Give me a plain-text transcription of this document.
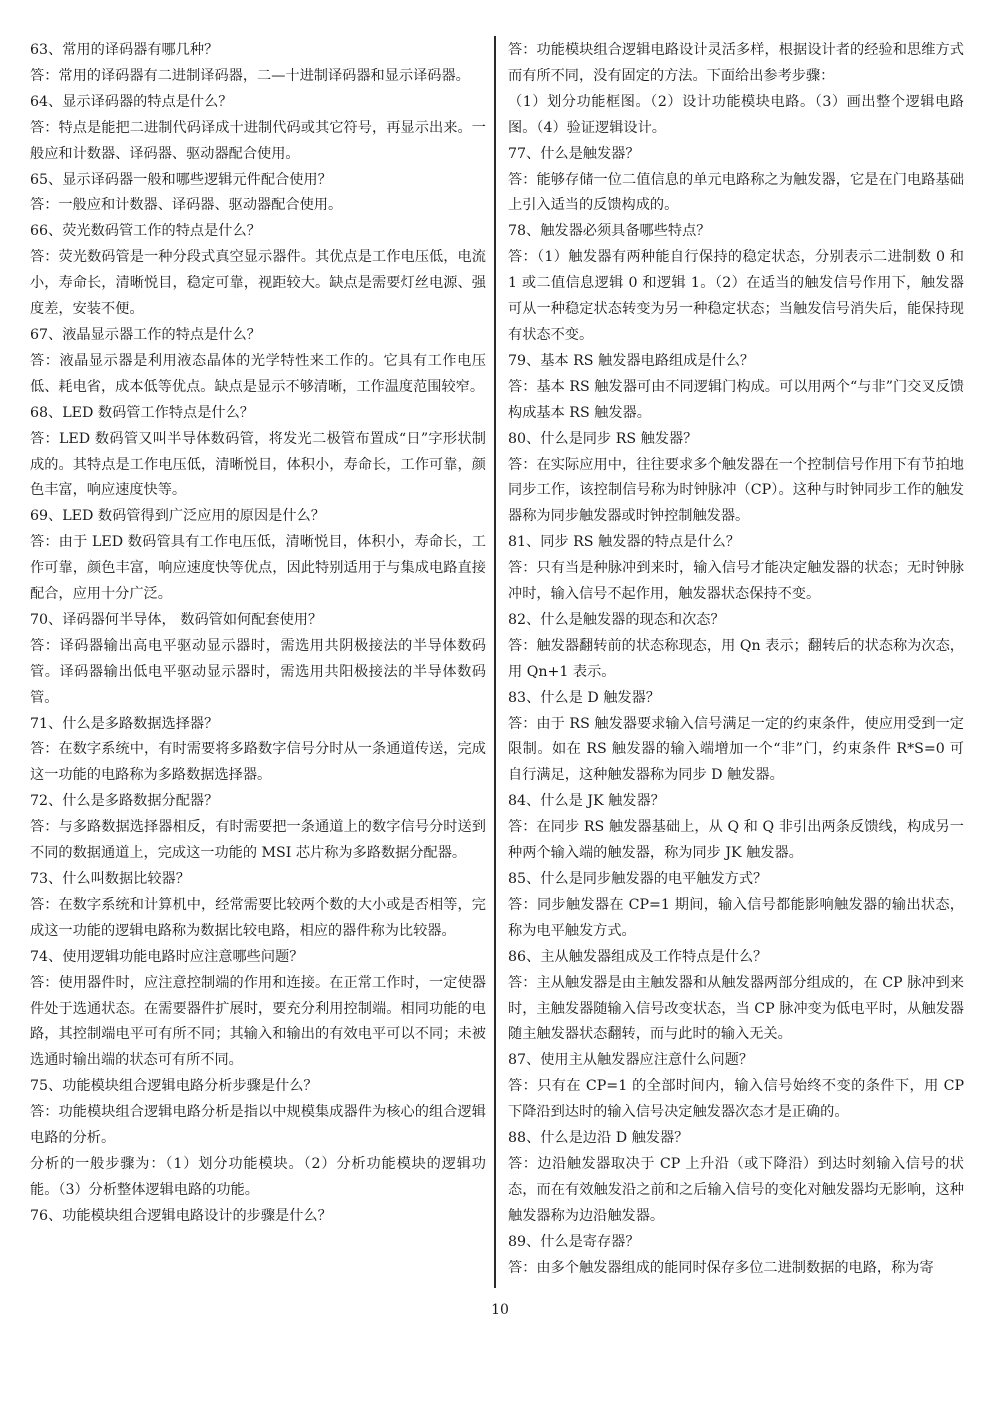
63、常用的译码器有哪几种？

答：常用的译码器有二进制译码器，二—十进制译码器和显示译码器。

64、显示译码器的特点是什么？

答：特点是能把二进制代码译成十进制代码或其它符号，再显示出来。一般应和计数器、译码器、驱动器配合使用。

65、显示译码器一般和哪些逻辑元件配合使用？

答：一般应和计数器、译码器、驱动器配合使用。

66、荧光数码管工作的特点是什么？

答：荧光数码管是一种分段式真空显示器件。其优点是工作电压低，电流小，寿命长，清晰悦目，稳定可靠，视距较大。缺点是需要灯丝电源、强度差，安装不便。

67、液晶显示器工作的特点是什么？

答：液晶显示器是利用液态晶体的光学特性来工作的。它具有工作电压低、耗电省，成本低等优点。缺点是显示不够清晰，工作温度范围较窄。

68、LED 数码管工作特点是什么？

答：LED 数码管又叫半导体数码管，将发光二极管布置成“日”字形状制成的。其特点是工作电压低，清晰悦目，体积小，寿命长，工作可靠，颜色丰富，响应速度快等。

69、LED 数码管得到广泛应用的原因是什么？

答：由于 LED 数码管具有工作电压低，清晰悦目，体积小，寿命长，工作可靠，颜色丰富，响应速度快等优点，因此特别适用于与集成电路直接配合，应用十分广泛。

70、译码器何半导体， 数码管如何配套使用？

答：译码器输出高电平驱动显示器时，需选用共阴极接法的半导体数码管。译码器输出低电平驱动显示器时，需选用共阳极接法的半导体数码管。

71、什么是多路数据选择器？

答：在数字系统中，有时需要将多路数字信号分时从一条通道传送，完成这一功能的电路称为多路数据选择器。

72、什么是多路数据分配器？

答：与多路数据选择器相反，有时需要把一条通道上的数字信号分时送到不同的数据通道上，完成这一功能的 MSI 芯片称为多路数据分配器。

73、什么叫数据比较器？

答：在数字系统和计算机中，经常需要比较两个数的大小或是否相等，完成这一功能的逻辑电路称为数据比较电路，相应的器件称为比较器。

74、使用逻辑功能电路时应注意哪些问题？

答：使用器件时，应注意控制端的作用和连接。在正常工作时，一定使器件处于选通状态。在需要器件扩展时，要充分利用控制端。相同功能的电路，其控制端电平可有所不同；其输入和输出的有效电平可以不同；未被选通时输出端的状态可有所不同。

75、功能模块组合逻辑电路分析步骤是什么？

答：功能模块组合逻辑电路分析是指以中规模集成器件为核心的组合逻辑电路的分析。

分析的一般步骤为：（1）划分功能模块。（2）分析功能模块的逻辑功能。（3）分析整体逻辑电路的功能。

76、功能模块组合逻辑电路设计的步骤是什么？

答：功能模块组合逻辑电路设计灵活多样，根据设计者的经验和思维方式而有所不同，没有固定的方法。下面给出参考步骤：

（1）划分功能框图。（2）设计功能模块电路。（3）画出整个逻辑电路图。（4）验证逻辑设计。

77、什么是触发器？

答：能够存储一位二值信息的单元电路称之为触发器，它是在门电路基础上引入适当的反馈构成的。

78、触发器必须具备哪些特点？

答：（1）触发器有两种能自行保持的稳定状态，分别表示二进制数 0 和 1 或二值信息逻辑 0 和逻辑 1。（2）在适当的触发信号作用下，触发器可从一种稳定状态转变为另一种稳定状态；当触发信号消失后，能保持现有状态不变。

79、基本 RS 触发器电路组成是什么？

答：基本 RS 触发器可由不同逻辑门构成。可以用两个“与非”门交叉反馈构成基本 RS 触发器。

80、什么是同步 RS 触发器？

答：在实际应用中，往往要求多个触发器在一个控制信号作用下有节拍地同步工作，该控制信号称为时钟脉冲（CP）。这种与时钟同步工作的触发器称为同步触发器或时钟控制触发器。

81、同步 RS 触发器的特点是什么？

答：只有当是种脉冲到来时，输入信号才能决定触发器的状态；无时钟脉冲时，输入信号不起作用，触发器状态保持不变。

82、什么是触发器的现态和次态？

答：触发器翻转前的状态称现态，用 Qn 表示；翻转后的状态称为次态，用 Qn+1 表示。

83、什么是 D 触发器？

答：由于 RS 触发器要求输入信号满足一定的约束条件，使应用受到一定限制。如在 RS 触发器的输入端增加一个“非”门，约束条件 R*S=0 可自行满足，这种触发器称为同步 D 触发器。

84、什么是 JK 触发器？

答：在同步 RS 触发器基础上，从 Q 和 Q 非引出两条反馈线，构成另一种两个输入端的触发器，称为同步 JK 触发器。

85、什么是同步触发器的电平触发方式？

答：同步触发器在 CP=1 期间，输入信号都能影响触发器的输出状态，称为电平触发方式。

86、主从触发器组成及工作特点是什么？

答：主从触发器是由主触发器和从触发器两部分组成的，在 CP 脉冲到来时，主触发器随输入信号改变状态，当 CP 脉冲变为低电平时，从触发器随主触发器状态翻转，而与此时的输入无关。

87、使用主从触发器应注意什么问题？

答：只有在 CP=1 的全部时间内，输入信号始终不变的条件下，用 CP 下降沿到达时的输入信号决定触发器次态才是正确的。

88、什么是边沿 D 触发器？

答：边沿触发器取决于 CP 上升沿（或下降沿）到达时刻输入信号的状态，而在有效触发沿之前和之后输入信号的变化对触发器均无影响，这种触发器称为边沿触发器。

89、什么是寄存器？

答：由多个触发器组成的能同时保存多位二进制数据的电路，称为寄

10
